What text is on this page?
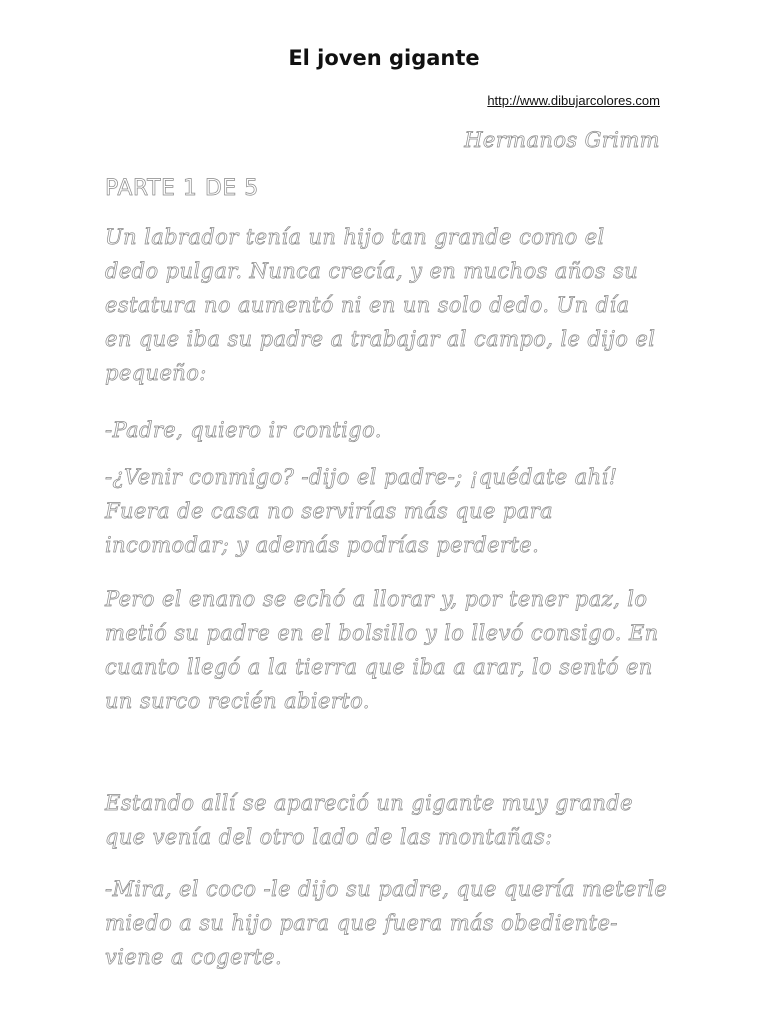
El joven gigante
http://www.dibujarcolores.com
Hermanos Grimm
PARTE 1 DE 5

Un labrador tenía un hijo tan grande como el
dedo pulgar. Nunca crecía, y en muchos años su
estatura no aumentó ni en un solo dedo. Un día
en que iba su padre a trabajar al campo, le dijo el
pequeño:

-Padre, quiero ir contigo.

-¿Venir conmigo? -dijo el padre-; ¡quédate ahí!
Fuera de casa no servirías más que para
incomodar; y además podrías perderte.

Pero el enano se echó a llorar y, por tener paz, lo
metió su padre en el bolsillo y lo llevó consigo. En
cuanto llegó a la tierra que iba a arar, lo sentó en
un surco recién abierto.

Estando allí se apareció un gigante muy grande
que venía del otro lado de las montañas:

-Mira, el coco -le dijo su padre, que quería meterle
miedo a su hijo para que fuera más obediente-
viene a cogerte.
